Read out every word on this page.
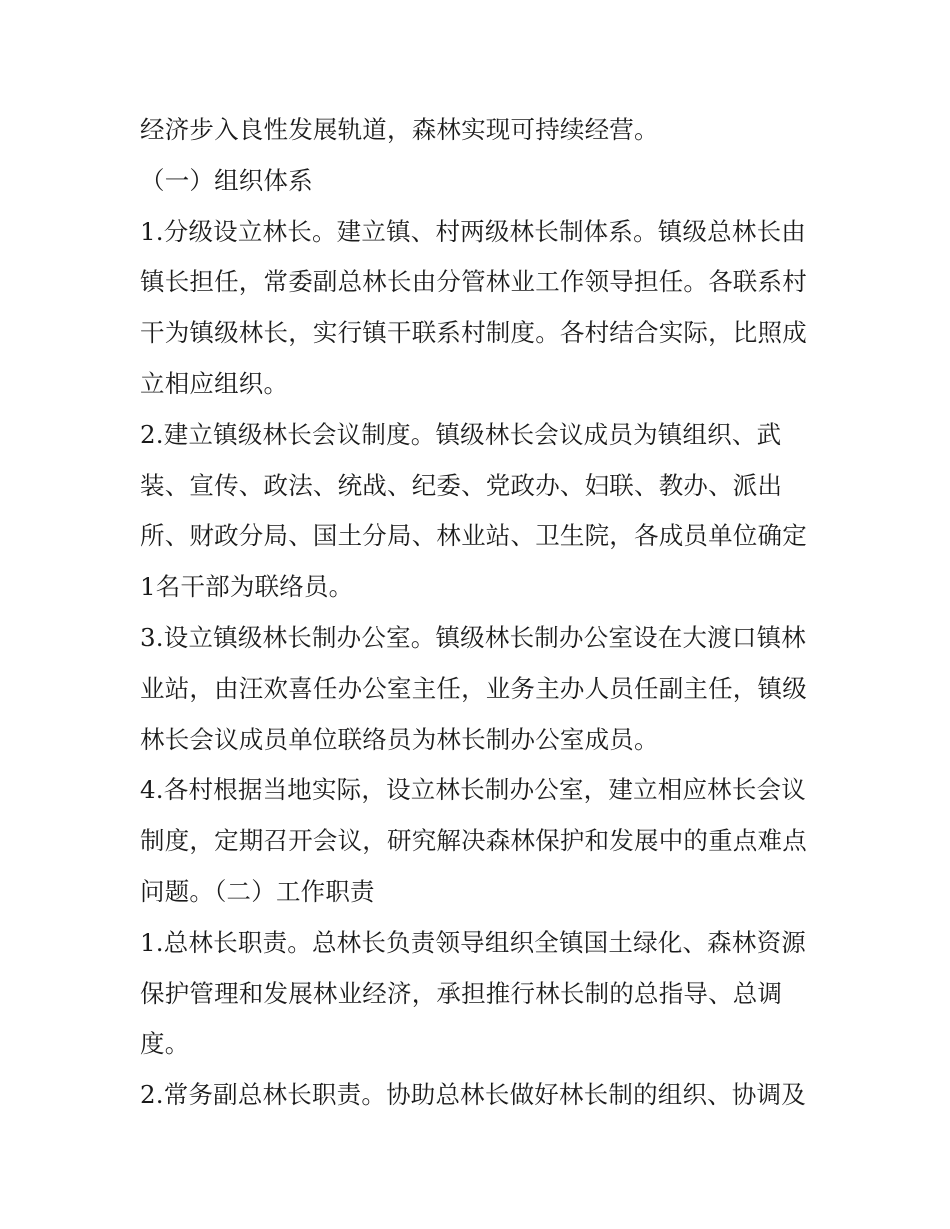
经济步入良性发展轨道，森林实现可持续经营。
（一）组织体系
1.分级设立林长。建立镇、村两级林长制体系。镇级总林长由
镇长担任，常委副总林长由分管林业工作领导担任。各联系村
干为镇级林长，实行镇干联系村制度。各村结合实际，比照成
立相应组织。
2.建立镇级林长会议制度。镇级林长会议成员为镇组织、武
装、宣传、政法、统战、纪委、党政办、妇联、教办、派出
所、财政分局、国土分局、林业站、卫生院，各成员单位确定
1名干部为联络员。
3.设立镇级林长制办公室。镇级林长制办公室设在大渡口镇林
业站，由汪欢喜任办公室主任，业务主办人员任副主任，镇级
林长会议成员单位联络员为林长制办公室成员。
4.各村根据当地实际，设立林长制办公室，建立相应林长会议
制度，定期召开会议，研究解决森林保护和发展中的重点难点
问题。（二）工作职责
1.总林长职责。总林长负责领导组织全镇国土绿化、森林资源
保护管理和发展林业经济，承担推行林长制的总指导、总调
度。
2.常务副总林长职责。协助总林长做好林长制的组织、协调及
